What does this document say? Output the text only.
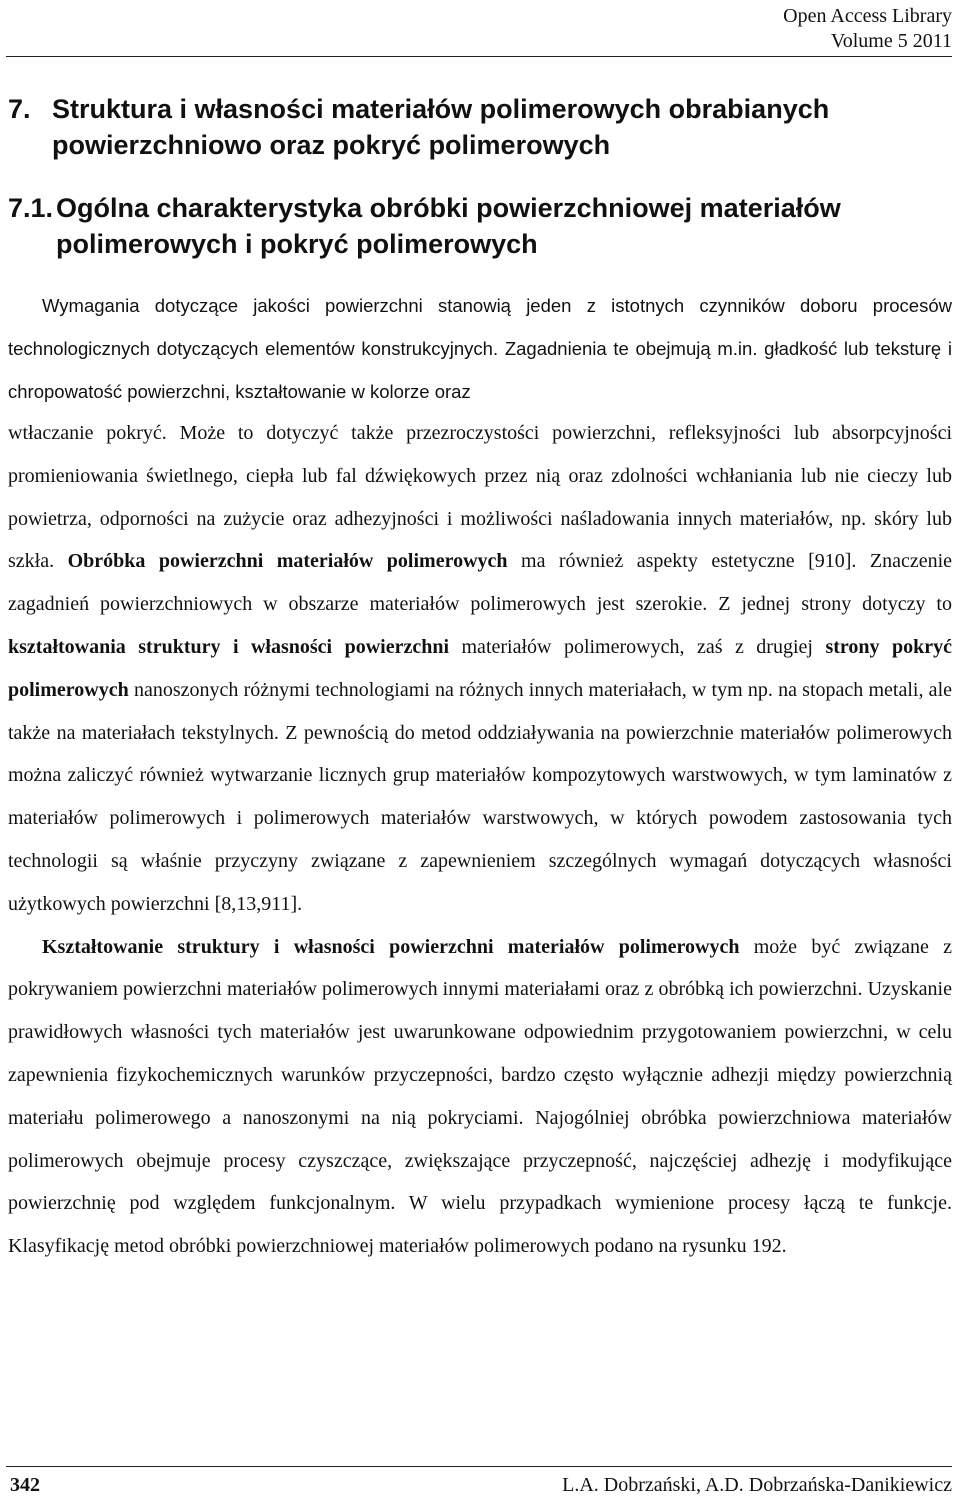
Open Access Library
Volume 5 2011
7. Struktura i własności materiałów polimerowych obrabianych powierzchniowo oraz pokryć polimerowych
7.1. Ogólna charakterystyka obróbki powierzchniowej materiałów polimerowych i pokryć polimerowych

Wymagania dotyczące jakości powierzchni stanowią jeden z istotnych czynników doboru procesów technologicznych dotyczących elementów konstrukcyjnych. Zagadnienia te obejmują m.in. gładkość lub teksturę i chropowatość powierzchni, kształtowanie w kolorze oraz

wtłaczanie pokryć. Może to dotyczyć także przezroczystości powierzchni, refleksyjności lub absorpcyjności promieniowania świetlnego, ciepła lub fal dźwiękowych przez nią oraz zdolności wchłaniania lub nie cieczy lub powietrza, odporności na zużycie oraz adhezyjności i możliwości naśladowania innych materiałów, np. skóry lub szkła. Obróbka powierzchni materiałów polimerowych ma również aspekty estetyczne [910]. Znaczenie zagadnień powierzchniowych w obszarze materiałów polimerowych jest szerokie. Z jednej strony dotyczy to kształtowania struktury i własności powierzchni materiałów polimerowych, zaś z drugiej strony pokryć polimerowych nanoszonych różnymi technologiami na różnych innych materiałach, w tym np. na stopach metali, ale także na materiałach tekstylnych. Z pewnością do metod oddziaływania na powierzchnie materiałów polimerowych można zaliczyć również wytwarzanie licznych grup materiałów kompozytowych warstwowych, w tym laminatów z materiałów polimerowych i polimerowych materiałów warstwowych, w których powodem zastosowania tych technologii są właśnie przyczyny związane z zapewnieniem szczególnych wymagań dotyczących własności użytkowych powierzchni [8,13,911].

Kształtowanie struktury i własności powierzchni materiałów polimerowych może być związane z pokrywaniem powierzchni materiałów polimerowych innymi materiałami oraz z obróbką ich powierzchni. Uzyskanie prawidłowych własności tych materiałów jest uwarunkowane odpowiednim przygotowaniem powierzchni, w celu zapewnienia fizykochemicznych warunków przyczepności, bardzo często wyłącznie adhezji między powierzchnią materiału polimerowego a nanoszonymi na nią pokryciami. Najogólniej obróbka powierzchniowa materiałów polimerowych obejmuje procesy czyszczące, zwiększające przyczepność, najczęściej adhezję i modyfikujące powierzchnię pod względem funkcjonalnym. W wielu przypadkach wymienione procesy łączą te funkcje. Klasyfikację metod obróbki powierzchniowej materiałów polimerowych podano na rysunku 192.

342	L.A. Dobrzański, A.D. Dobrzańska-Danikiewicz
